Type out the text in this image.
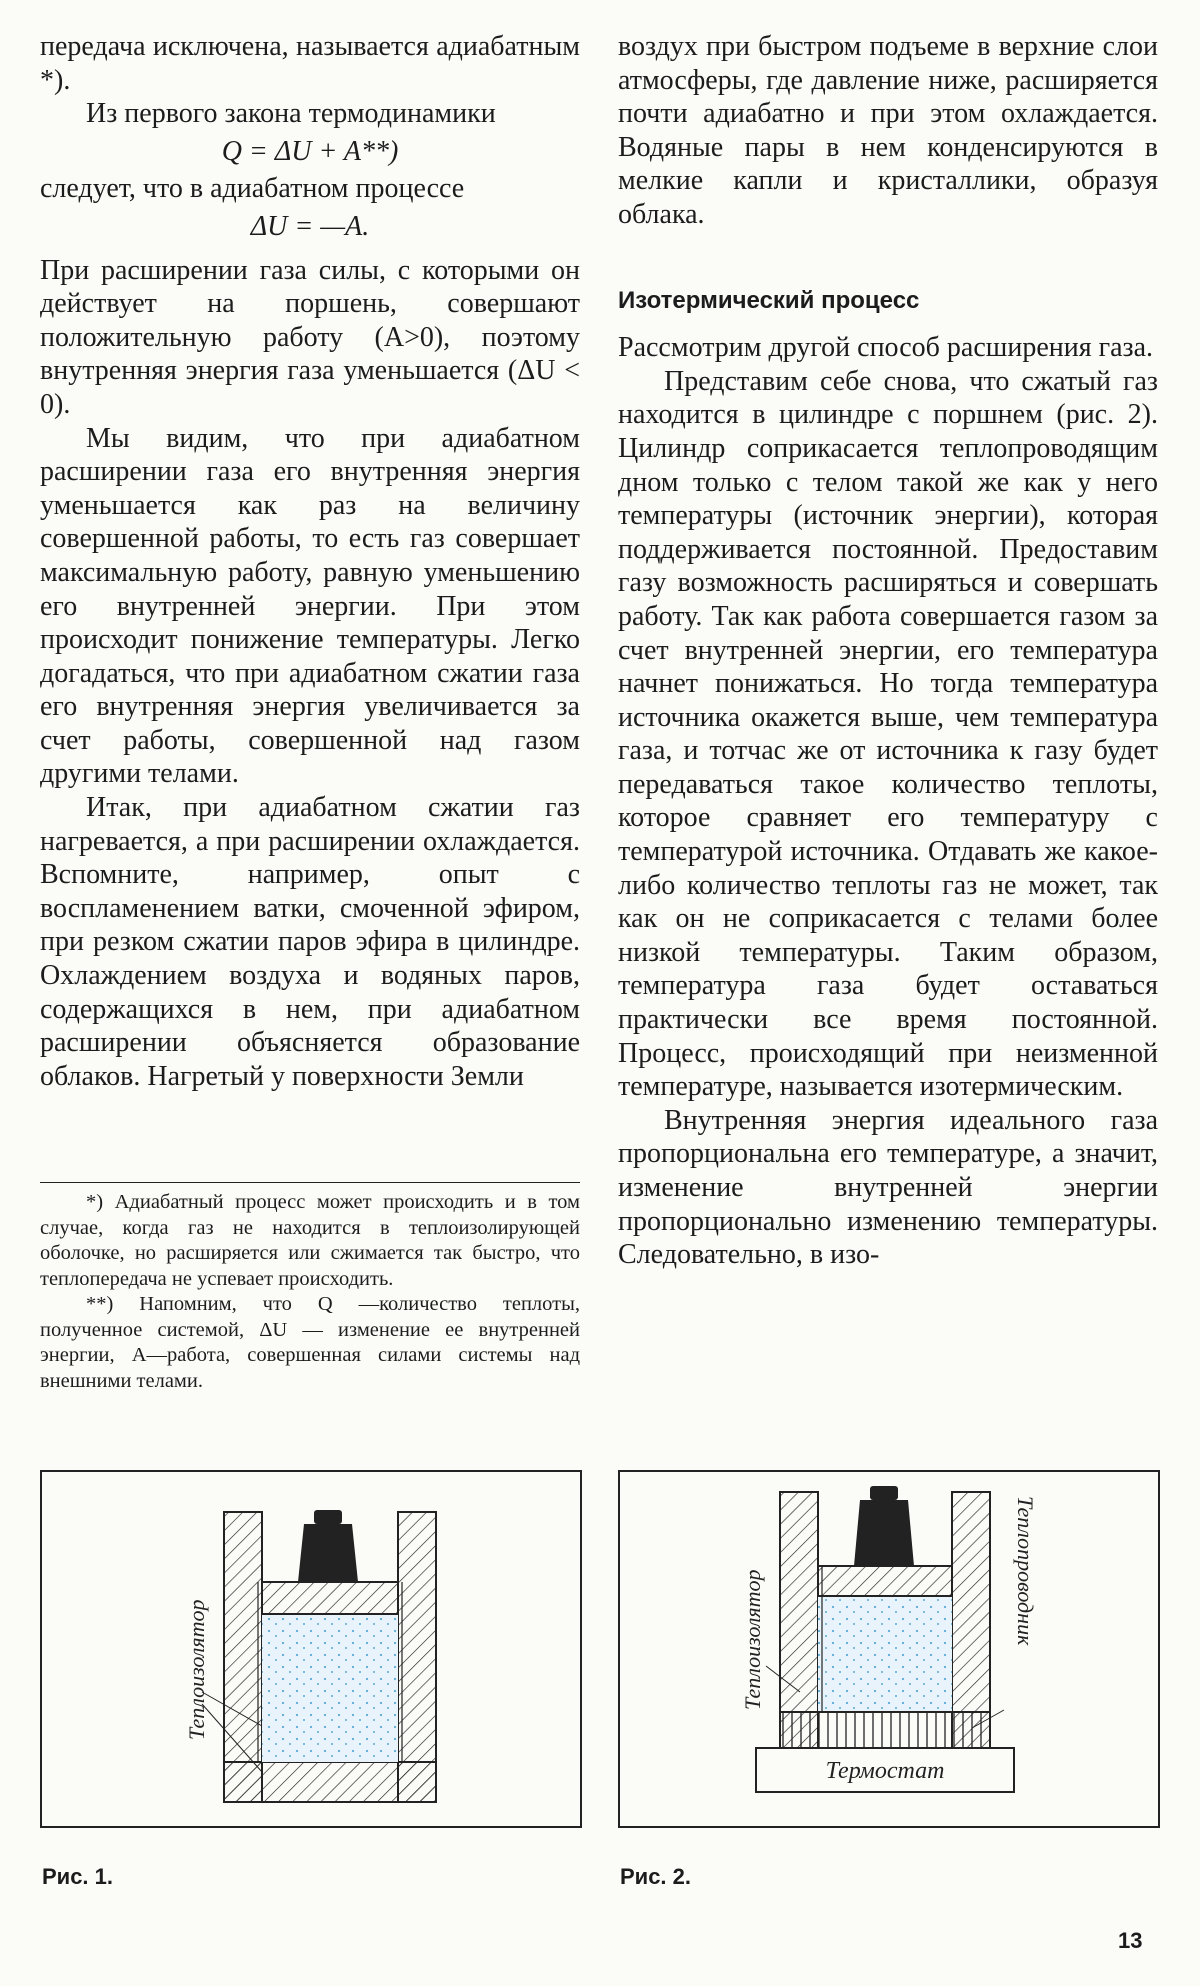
передача исключена, называется адиабатным *).

Из первого закона термодинамики

Q = ΔU + A**)

следует, что в адиабатном процессе

ΔU = —A.

При расширении газа силы, с которыми он действует на поршень, совершают положительную работу (A>0), поэтому внутренняя энергия газа уменьшается (ΔU < 0).

Мы видим, что при адиабатном расширении газа его внутренняя энергия уменьшается как раз на величину совершенной работы, то есть газ совершает максимальную работу, равную уменьшению его внутренней энергии. При этом происходит понижение температуры. Легко догадаться, что при адиабатном сжатии газа его внутренняя энергия увеличивается за счет работы, совершенной над газом другими телами.

Итак, при адиабатном сжатии газ нагревается, а при расширении охлаждается. Вспомните, например, опыт с воспламенением ватки, смоченной эфиром, при резком сжатии паров эфира в цилиндре. Охлаждением воздуха и водяных паров, содержащихся в нем, при адиабатном расширении объясняется образование облаков. Нагретый у поверхности Земли

*) Адиабатный процесс может происходить и в том случае, когда газ не находится в теплоизолирующей оболочке, но расширяется или сжимается так быстро, что теплопередача не успевает происходить.

**) Напомним, что Q —количество теплоты, полученное системой, ΔU — изменение ее внутренней энергии, A—работа, совершенная силами системы над внешними телами.

воздух при быстром подъеме в верхние слои атмосферы, где давление ниже, расширяется почти адиабатно и при этом охлаждается. Водяные пары в нем конденсируются в мелкие капли и кристаллики, образуя облака.

Изотермический процесс

Рассмотрим другой способ расширения газа.

Представим себе снова, что сжатый газ находится в цилиндре с поршнем (рис. 2). Цилиндр соприкасается теплопроводящим дном только с телом такой же как у него температуры (источник энергии), которая поддерживается постоянной. Предоставим газу возможность расширяться и совершать работу. Так как работа совершается газом за счет внутренней энергии, его температура начнет понижаться. Но тогда температура источника окажется выше, чем температура газа, и тотчас же от источника к газу будет передаваться такое количество теплоты, которое сравняет его температуру с температурой источника. Отдавать же какое-либо количество теплоты газ не может, так как он не соприкасается с телами более низкой температуры. Таким образом, температура газа будет оставаться практически все время постоянной. Процесс, происходящий при неизменной температуре, называется изотермическим.

Внутренняя энергия идеального газа пропорциональна его температуре, а значит, изменение внутренней энергии пропорционально изменению температуры. Следовательно, в изо-

Теплоизолятор
Рис. 1.
Термостат
Теплоизолятор	Теплопроводник
Рис. 2.
13
